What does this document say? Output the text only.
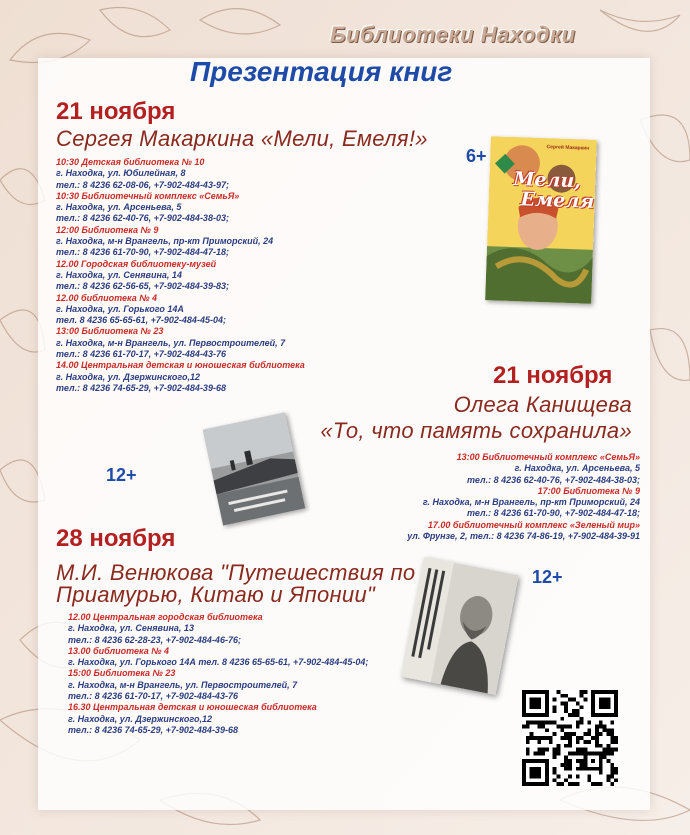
Библиотеки Находки
Презентация книг
21 ноября
Сергея Макаркина «Мели, Емеля!»
6+
10:30 Детская библиотека № 10
г. Находка, ул. Юбилейная, 8
тел.: 8 4236 62-08-06, +7-902-484-43-97;
10:30 Библиотечный комплекс «СемьЯ»
г. Находка, ул. Арсеньева, 5
тел.: 8 4236 62-40-76, +7-902-484-38-03;
12:00 Библиотека № 9
г. Находка, м-н Врангель, пр-кт Приморский, 24
тел.: 8 4236 61-70-90, +7-902-484-47-18;
12.00 Городская библиотеку-музей
г. Находка, ул. Сенявина, 14
тел.: 8 4236 62-56-65, +7-902-484-39-83;
12.00 библиотека № 4
г. Находка, ул. Горького 14А
тел. 8 4236 65-65-61, +7-902-484-45-04;
13:00 Библиотека № 23
г. Находка, м-н Врангель, ул. Первостроителей, 7
тел.: 8 4236 61-70-17, +7-902-484-43-76
14.00 Центральная детская и юношеская библиотека
г. Находка, ул. Дзержинского,12
тел.: 8 4236 74-65-29, +7-902-484-39-68
Мели,
Емеля
Сергей Макаркин
21 ноября
Олега Канищева
«То, что память сохранила»
12+
13:00 Библиотечный комплекс «СемьЯ»
г. Находка, ул. Арсеньева, 5
тел.: 8 4236 62-40-76, +7-902-484-38-03;
17:00 Библиотека № 9
г. Находка, м-н Врангель, пр-кт Приморский, 24
тел.: 8 4236 61-70-90, +7-902-484-47-18;
17.00 библиотечный комплекс «Зеленый мир»
ул. Фрунзе, 2, тел.: 8 4236 74-86-19, +7-902-484-39-91
28 ноября
М.И. Венюкова "Путешествия по
Приамурью, Китаю и Японии"
12+
12.00 Центральная городская библиотека
г. Находка, ул. Сенявина, 13
тел.: 8 4236 62-28-23, +7-902-484-46-76;
13.00 библиотека № 4
г. Находка, ул. Горького 14А тел. 8 4236 65-65-61, +7-902-484-45-04;
15:00 Библиотека № 23
г. Находка, м-н Врангель, ул. Первостроителей, 7
тел.: 8 4236 61-70-17, +7-902-484-43-76
16.30 Центральная детская и юношеская библиотека
г. Находка, ул. Дзержинского,12
тел.: 8 4236 74-65-29, +7-902-484-39-68
